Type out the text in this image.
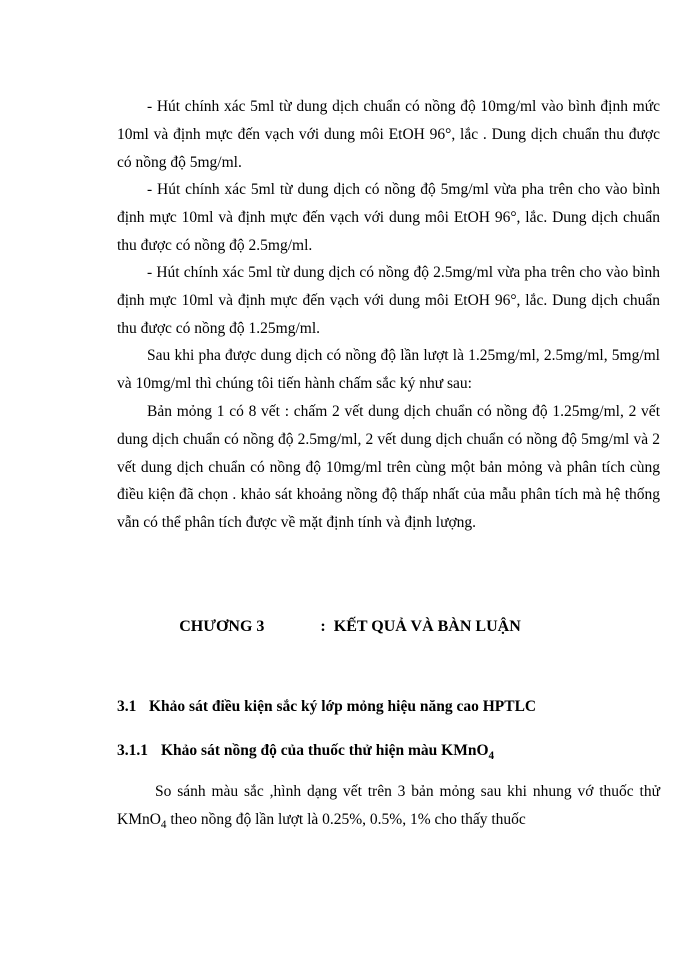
- Hút chính xác 5ml từ dung dịch chuẩn có nồng độ 10mg/ml vào bình định mức 10ml và định mực đến vạch với dung môi EtOH 96°, lắc . Dung dịch chuẩn thu được có nồng độ 5mg/ml.

- Hút chính xác 5ml từ dung dịch có nồng độ 5mg/ml vừa pha trên cho vào bình định mực 10ml và định mực đến vạch với dung môi EtOH 96°, lắc. Dung dịch chuẩn thu được có nồng độ 2.5mg/ml.

- Hút chính xác 5ml từ dung dịch có nồng độ 2.5mg/ml vừa pha trên cho vào bình định mực 10ml và định mực đến vạch với dung môi EtOH 96°, lắc. Dung dịch chuẩn thu được có nồng độ 1.25mg/ml.

Sau khi pha được dung dịch có nồng độ lần lượt là 1.25mg/ml, 2.5mg/ml, 5mg/ml và 10mg/ml thì chúng tôi tiến hành chấm sắc ký như sau:

Bản mỏng 1 có 8 vết : chấm 2 vết dung dịch chuẩn có nồng độ 1.25mg/ml, 2 vết dung dịch chuẩn có nồng độ 2.5mg/ml, 2 vết dung dịch chuẩn có nồng độ 5mg/ml và 2 vết dung dịch chuẩn có nồng độ 10mg/ml trên cùng một bản mỏng và phân tích cùng điều kiện đã chọn . khảo sát khoảng nồng độ thấp nhất của mẫu phân tích mà hệ thống vẫn có thể phân tích được về mặt định tính và định lượng.

CHƯƠNG 3	:  KẾT QUẢ VÀ BÀN LUẬN
3.1 Khảo sát điều kiện sắc ký lớp mỏng hiệu năng cao HPTLC
3.1.1 Khảo sát nồng độ của thuốc thử hiện màu KMnO$_4$

So sánh màu sắc ,hình dạng vết trên 3 bản mỏng sau khi nhung vớ thuốc thử KMnO$_4$ theo nồng độ lần lượt là 0.25%, 0.5%, 1% cho thấy thuốc
